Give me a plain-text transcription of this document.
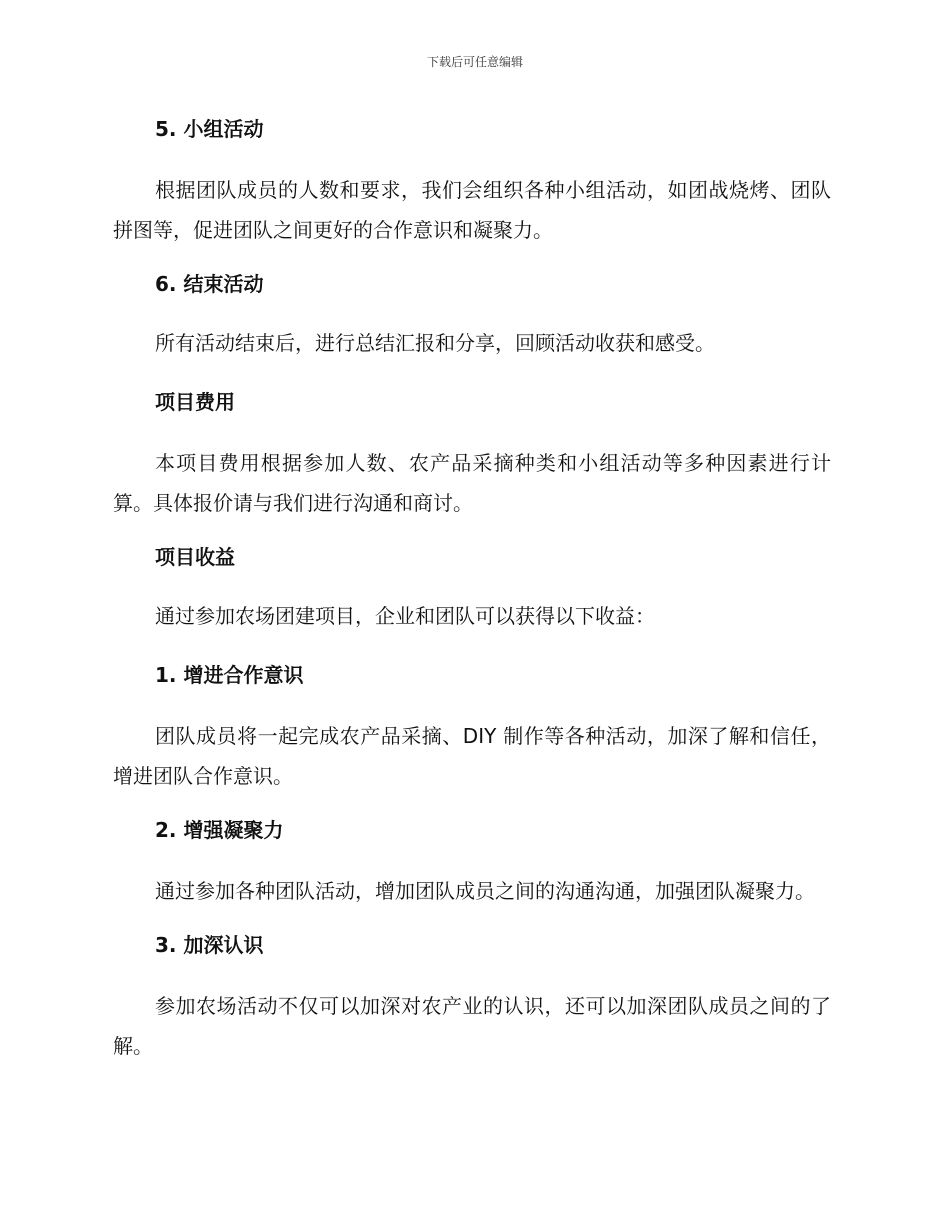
下载后可任意编辑
5. 小组活动
根据团队成员的人数和要求，我们会组织各种小组活动，如团战烧烤、团队拼图等，促进团队之间更好的合作意识和凝聚力。
6. 结束活动
所有活动结束后，进行总结汇报和分享，回顾活动收获和感受。
项目费用
本项目费用根据参加人数、农产品采摘种类和小组活动等多种因素进行计算。具体报价请与我们进行沟通和商讨。
项目收益
通过参加农场团建项目，企业和团队可以获得以下收益：
1. 增进合作意识
团队成员将一起完成农产品采摘、DIY 制作等各种活动，加深了解和信任，增进团队合作意识。
2. 增强凝聚力
通过参加各种团队活动，增加团队成员之间的沟通沟通，加强团队凝聚力。
3. 加深认识
参加农场活动不仅可以加深对农产业的认识，还可以加深团队成员之间的了解。
